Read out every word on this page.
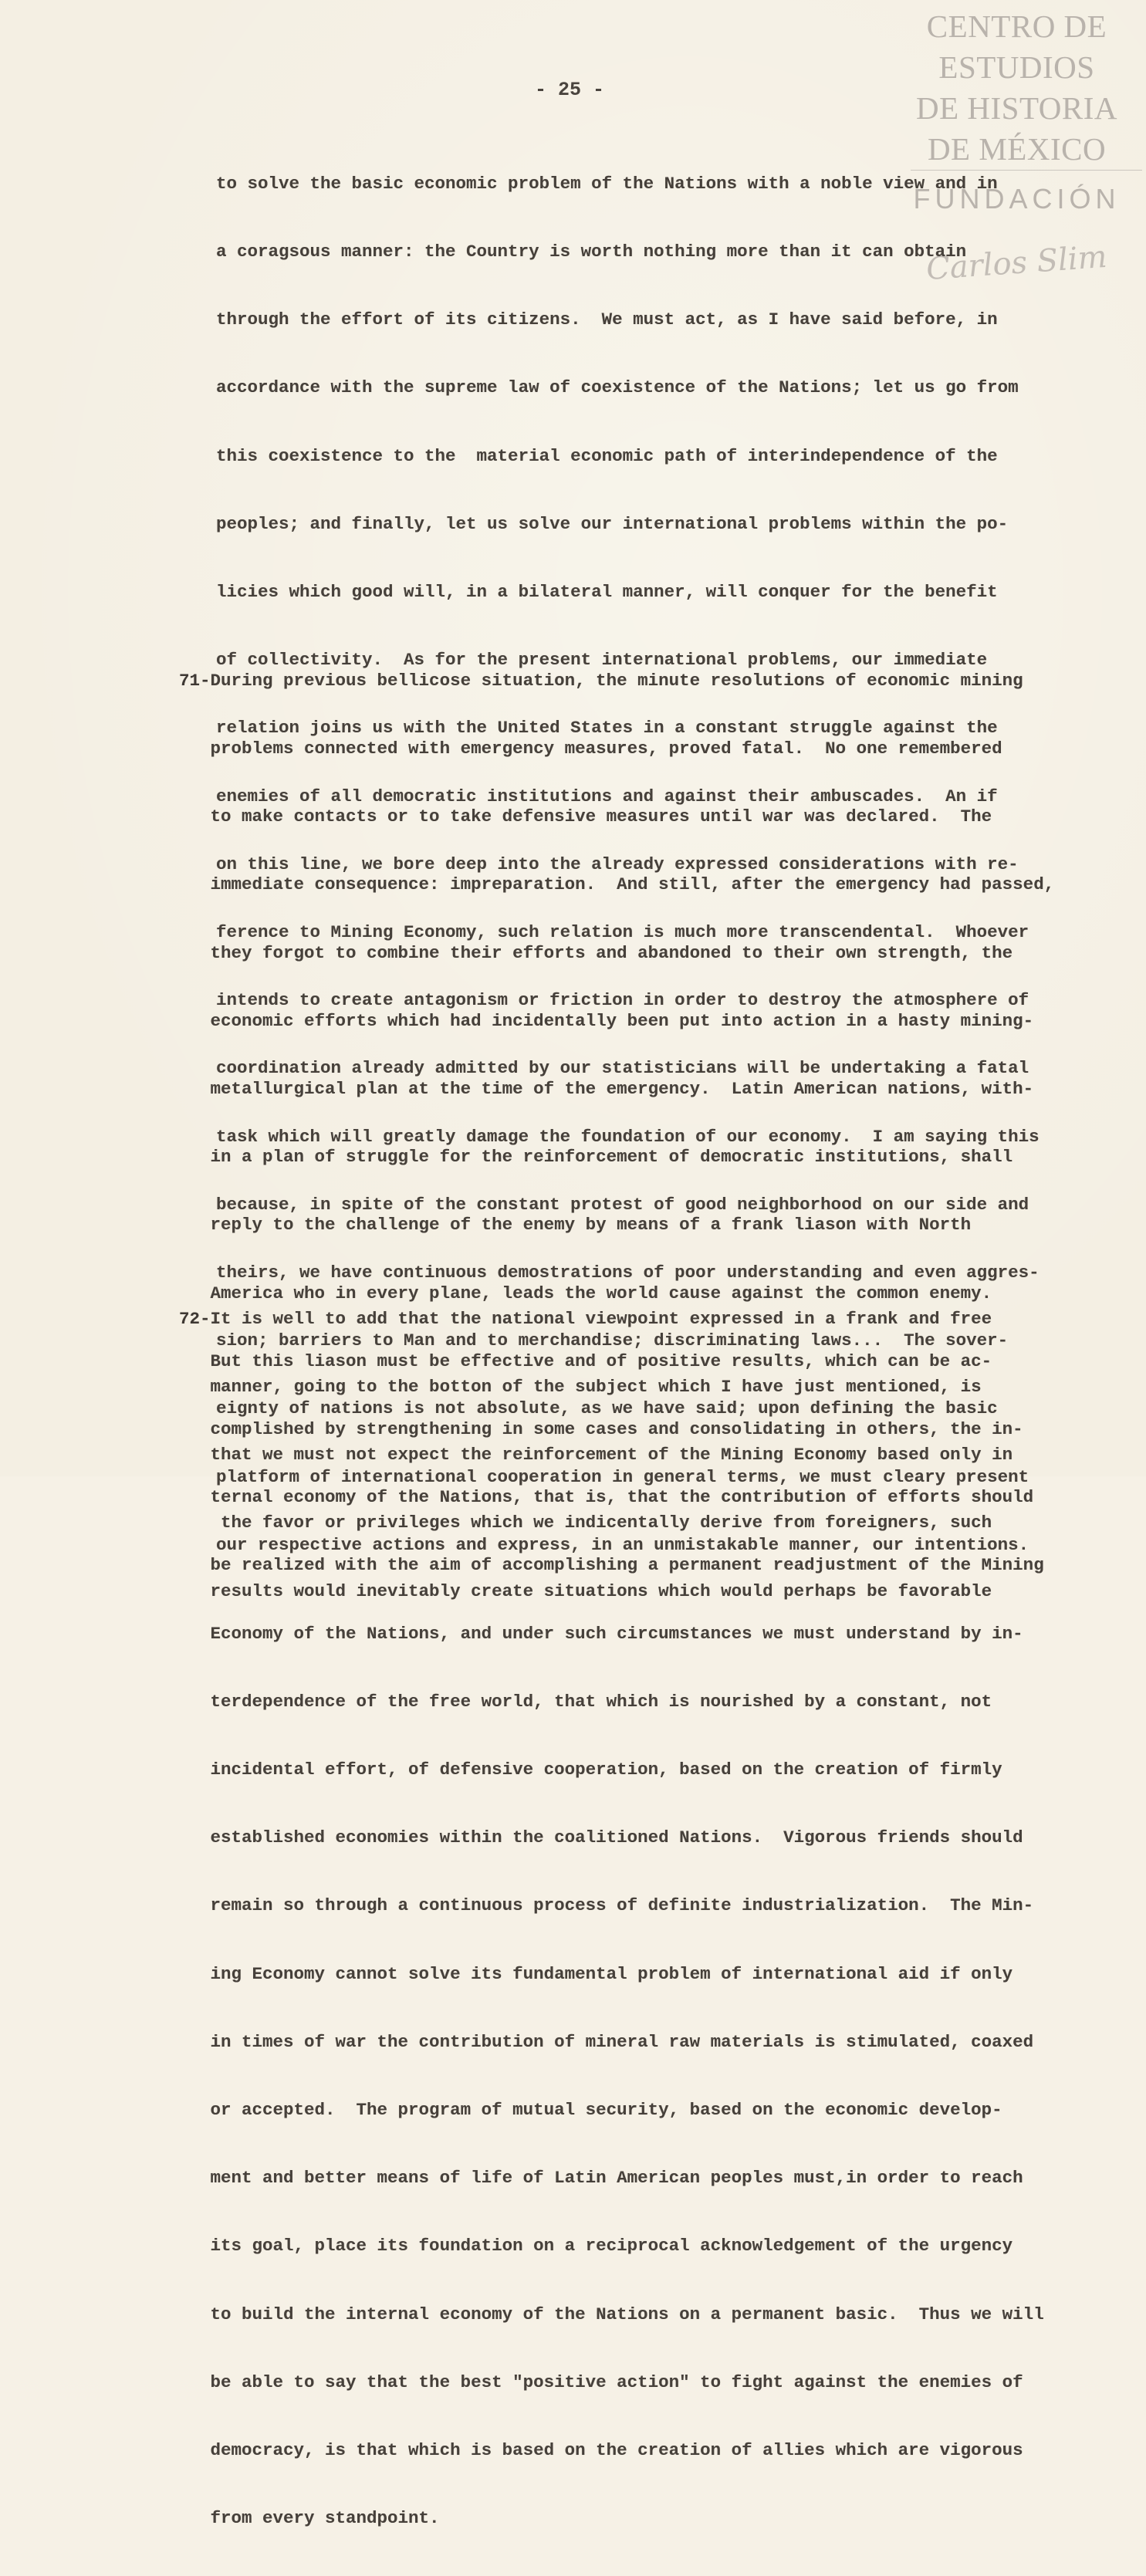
CENTRO DE
ESTUDIOS
DE HISTORIA
DE MÉXICO
FUNDACIÓN
Carlos Slim
- 25 -

to solve the basic economic problem of the Nations with a noble view and in

a coragsous manner: the Country is worth nothing more than it can obtain

through the effort of its citizens.  We must act, as I have said before, in

accordance with the supreme law of coexistence of the Nations; let us go from

this coexistence to the  material economic path of interindependence of the

peoples; and finally, let us solve our international problems within the po-

licies which good will, in a bilateral manner, will conquer for the benefit

of collectivity.  As for the present international problems, our immediate

relation joins us with the United States in a constant struggle against the

enemies of all democratic institutions and against their ambuscades.  An if

on this line, we bore deep into the already expressed considerations with re-

ference to Mining Economy, such relation is much more transcendental.  Whoever

intends to create antagonism or friction in order to destroy the atmosphere of

coordination already admitted by our statisticians will be undertaking a fatal

task which will greatly damage the foundation of our economy.  I am saying this

because, in spite of the constant protest of good neighborhood on our side and

theirs, we have continuous demostrations of poor understanding and even aggres-

sion; barriers to Man and to merchandise; discriminating laws...  The sover-

eignty of nations is not absolute, as we have said; upon defining the basic

platform of international cooperation in general terms, we must cleary present

our respective actions and express, in an unmistakable manner, our intentions.

71-During previous bellicose situation, the minute resolutions of economic mining

problems connected with emergency measures, proved fatal.  No one remembered

to make contacts or to take defensive measures until war was declared.  The

immediate consequence: impreparation.  And still, after the emergency had passed,

they forgot to combine their efforts and abandoned to their own strength, the

economic efforts which had incidentally been put into action in a hasty mining-

metallurgical plan at the time of the emergency.  Latin American nations, with-

in a plan of struggle for the reinforcement of democratic institutions, shall

reply to the challenge of the enemy by means of a frank liason with North

America who in every plane, leads the world cause against the common enemy.

But this liason must be effective and of positive results, which can be ac-

complished by strengthening in some cases and consolidating in others, the in-

ternal economy of the Nations, that is, that the contribution of efforts should

be realized with the aim of accomplishing a permanent readjustment of the Mining

Economy of the Nations, and under such circumstances we must understand by in-

terdependence of the free world, that which is nourished by a constant, not

incidental effort, of defensive cooperation, based on the creation of firmly

established economies within the coalitioned Nations.  Vigorous friends should

remain so through a continuous process of definite industrialization.  The Min-

ing Economy cannot solve its fundamental problem of international aid if only

in times of war the contribution of mineral raw materials is stimulated, coaxed

or accepted.  The program of mutual security, based on the economic develop-

ment and better means of life of Latin American peoples must,in order to reach

its goal, place its foundation on a reciprocal acknowledgement of the urgency

to build the internal economy of the Nations on a permanent basic.  Thus we will

be able to say that the best "positive action" to fight against the enemies of

democracy, is that which is based on the creation of allies which are vigorous

from every standpoint.

72-It is well to add that the national viewpoint expressed in a frank and free

manner, going to the botton of the subject which I have just mentioned, is

that we must not expect the reinforcement of the Mining Economy based only in

the favor or privileges which we indicentally derive from foreigners, such

results would inevitably create situations which would perhaps be favorable
